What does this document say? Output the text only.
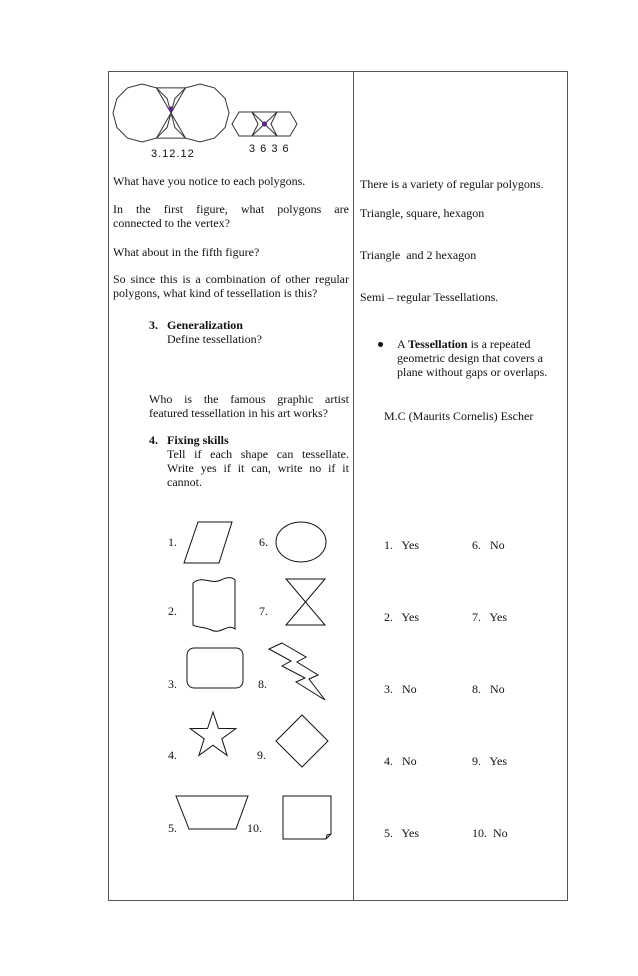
3.12.12	3 6 3 6
What have you notice to each polygons.
In the first figure, what polygons are
connected to the vertex?
What about in the fifth figure?
So since this is a combination of other regular
polygons, what kind of tessellation is this?
3. Generalization
Define tessellation?
Who is the famous graphic artist
featured tessellation in his art works?
4. Fixing skills
Tell if each shape can tessellate.
Write yes if it can, write no if it
cannot.
1.
2.
3.
4.
5.
6.
7.
8.
9.
10.
There is a variety of regular polygons.
Triangle, square, hexagon
Triangle  and 2 hexagon
Semi – regular Tessellations.
A Tessellation is a repeated
geometric design that covers a
plane without gaps or overlaps.
M.C (Maurits Cornelis) Escher
1.   Yes
2.   Yes
3.   No
4.   No
5.   Yes
6.   No
7.   Yes
8.   No
9.   Yes
10.  No
